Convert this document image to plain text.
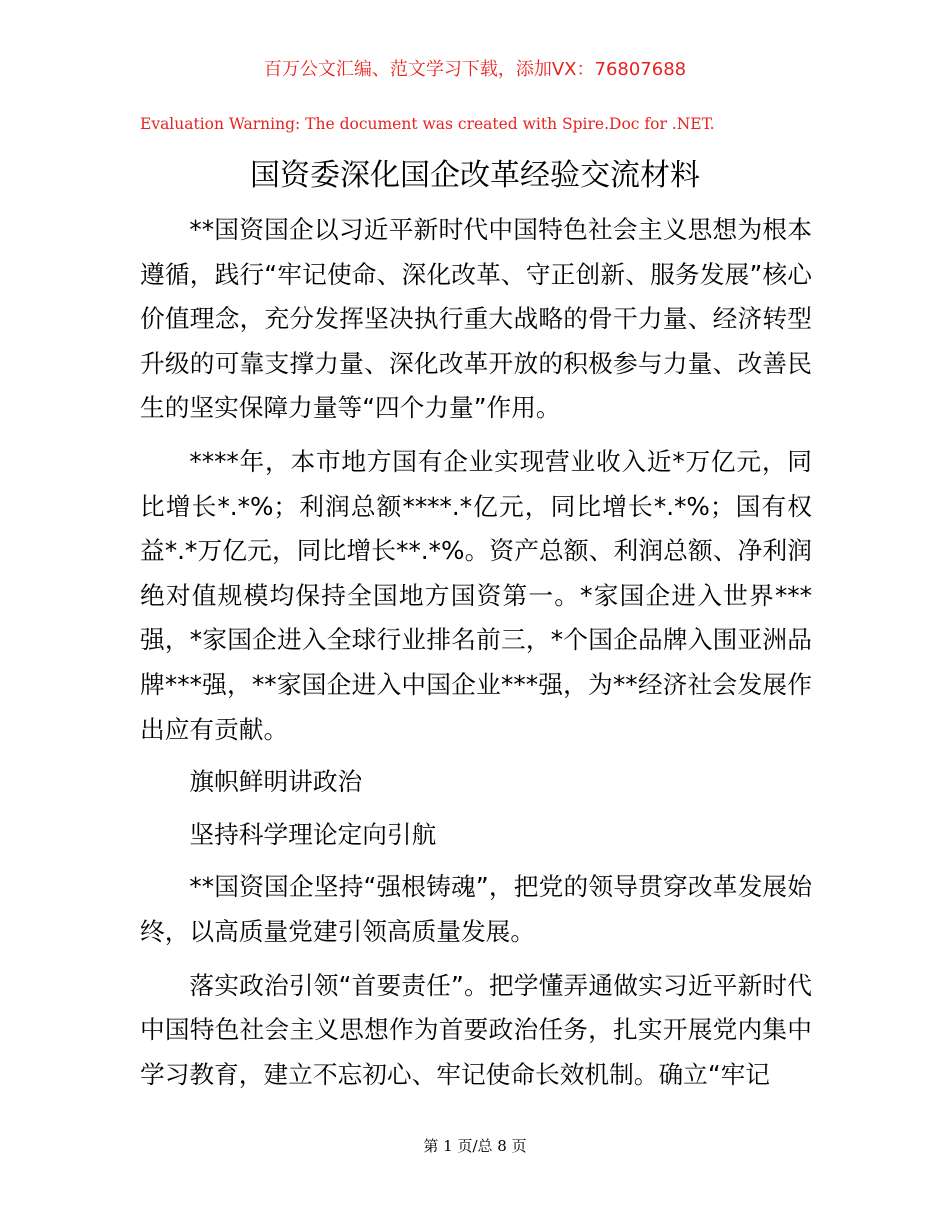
百万公文汇编、范文学习下载，添加VX：76807688
Evaluation Warning: The document was created with Spire.Doc for .NET.
国资委深化国企改革经验交流材料

**国资国企以习近平新时代中国特色社会主义思想为根本遵循，践行“牢记使命、深化改革、守正创新、服务发展”核心价值理念，充分发挥坚决执行重大战略的骨干力量、经济转型升级的可靠支撑力量、深化改革开放的积极参与力量、改善民生的坚实保障力量等“四个力量”作用。

****年，本市地方国有企业实现营业收入近*万亿元，同比增长*.*%；利润总额****.*亿元，同比增长*.*%；国有权益*.*万亿元，同比增长**.*%。资产总额、利润总额、净利润绝对值规模均保持全国地方国资第一。*家国企进入世界***强，*家国企进入全球行业排名前三，*个国企品牌入围亚洲品牌***强，**家国企进入中国企业***强，为**经济社会发展作出应有贡献。

旗帜鲜明讲政治

坚持科学理论定向引航

**国资国企坚持“强根铸魂”，把党的领导贯穿改革发展始终，以高质量党建引领高质量发展。

落实政治引领“首要责任”。把学懂弄通做实习近平新时代中国特色社会主义思想作为首要政治任务，扎实开展党内集中学习教育，建立不忘初心、牢记使命长效机制。确立“牢记

第 1 页/总 8 页
